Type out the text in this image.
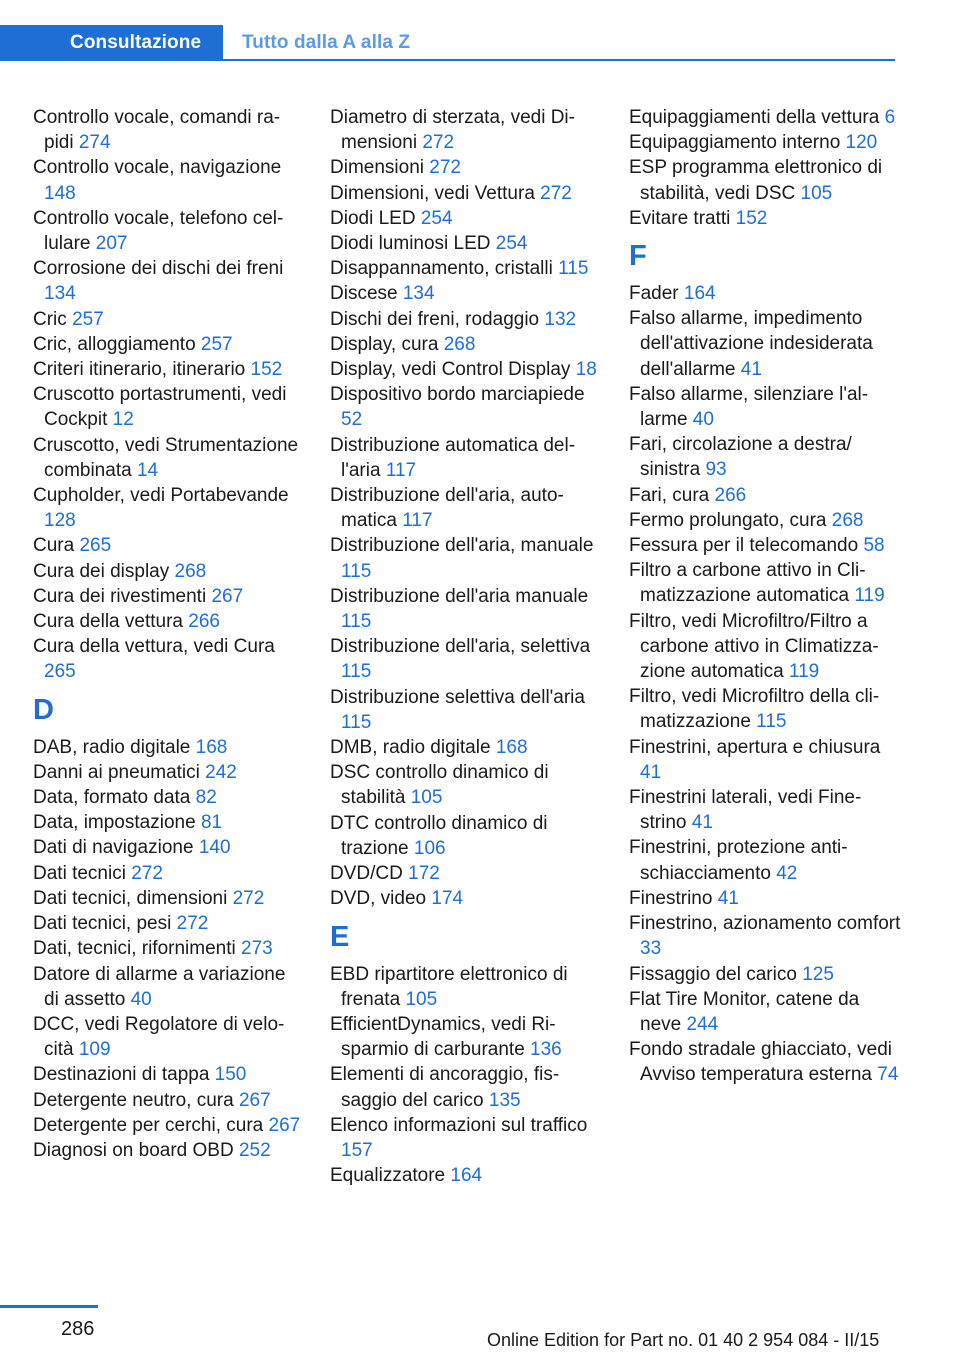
Consultazione	Tutto dalla A alla Z

Controllo vocale, comandi rapidi 274

Controllo vocale, navigazione 148

Controllo vocale, telefono cellulare 207

Corrosione dei dischi dei freni 134

Cric 257

Cric, alloggiamento 257

Criteri itinerario, itinerario 152

Cruscotto portastrumenti, vedi Cockpit 12

Cruscotto, vedi Strumentazione combinata 14

Cupholder, vedi Portabevande 128

Cura 265

Cura dei display 268

Cura dei rivestimenti 267

Cura della vettura 266

Cura della vettura, vedi Cura 265

D

DAB, radio digitale 168

Danni ai pneumatici 242

Data, formato data 82

Data, impostazione 81

Dati di navigazione 140

Dati tecnici 272

Dati tecnici, dimensioni 272

Dati tecnici, pesi 272

Dati, tecnici, rifornimenti 273

Datore di allarme a variazione di assetto 40

DCC, vedi Regolatore di velocità 109

Destinazioni di tappa 150

Detergente neutro, cura 267

Detergente per cerchi, cura 267

Diagnosi on board OBD 252

Diametro di sterzata, vedi Dimensioni 272

Dimensioni 272

Dimensioni, vedi Vettura 272

Diodi LED 254

Diodi luminosi LED 254

Disappannamento, cristalli 115

Discese 134

Dischi dei freni, rodaggio 132

Display, cura 268

Display, vedi Control Display 18

Dispositivo bordo marciapiede 52

Distribuzione automatica dell'aria 117

Distribuzione dell'aria, automatica 117

Distribuzione dell'aria, manuale 115

Distribuzione dell'aria manuale 115

Distribuzione dell'aria, selettiva 115

Distribuzione selettiva dell'aria 115

DMB, radio digitale 168

DSC controllo dinamico di stabilità 105

DTC controllo dinamico di trazione 106

DVD/CD 172

DVD, video 174

E

EBD ripartitore elettronico di frenata 105

EfficientDynamics, vedi Risparmio di carburante 136

Elementi di ancoraggio, fissaggio del carico 135

Elenco informazioni sul traffico 157

Equalizzatore 164

Equipaggiamenti della vettura 6

Equipaggiamento interno 120

ESP programma elettronico di stabilità, vedi DSC 105

Evitare tratti 152

F

Fader 164

Falso allarme, impedimento dell'attivazione indesiderata dell'allarme 41

Falso allarme, silenziare l'allarme 40

Fari, circolazione a destra/ sinistra 93

Fari, cura 266

Fermo prolungato, cura 268

Fessura per il telecomando 58

Filtro a carbone attivo in Climatizzazione automatica 119

Filtro, vedi Microfiltro/Filtro a carbone attivo in Climatizzazione automatica 119

Filtro, vedi Microfiltro della climatizzazione 115

Finestrini, apertura e chiusura 41

Finestrini laterali, vedi Finestrino 41

Finestrini, protezione antischiacciamento 42

Finestrino 41

Finestrino, azionamento comfort 33

Fissaggio del carico 125

Flat Tire Monitor, catene da neve 244

Fondo stradale ghiacciato, vedi Avviso temperatura esterna 74

286	Online Edition for Part no. 01 40 2 954 084 - II/15
